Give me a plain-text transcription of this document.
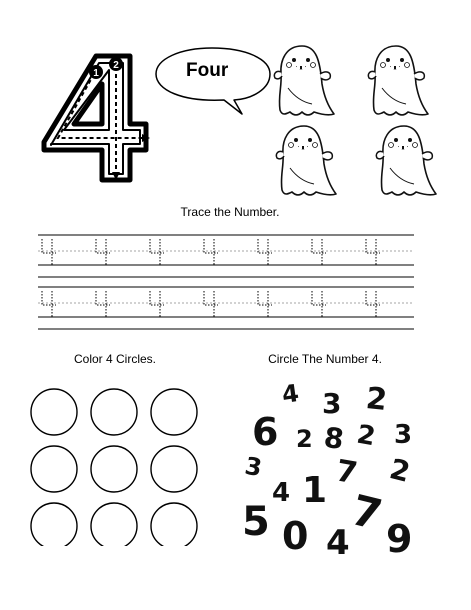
1
2	Four
Trace the Number.
Color 4 Circles.	Circle The Number 4.
4 3 2
6 2 8 2 3
3 7 2
4 1
5 7
0 4 9
